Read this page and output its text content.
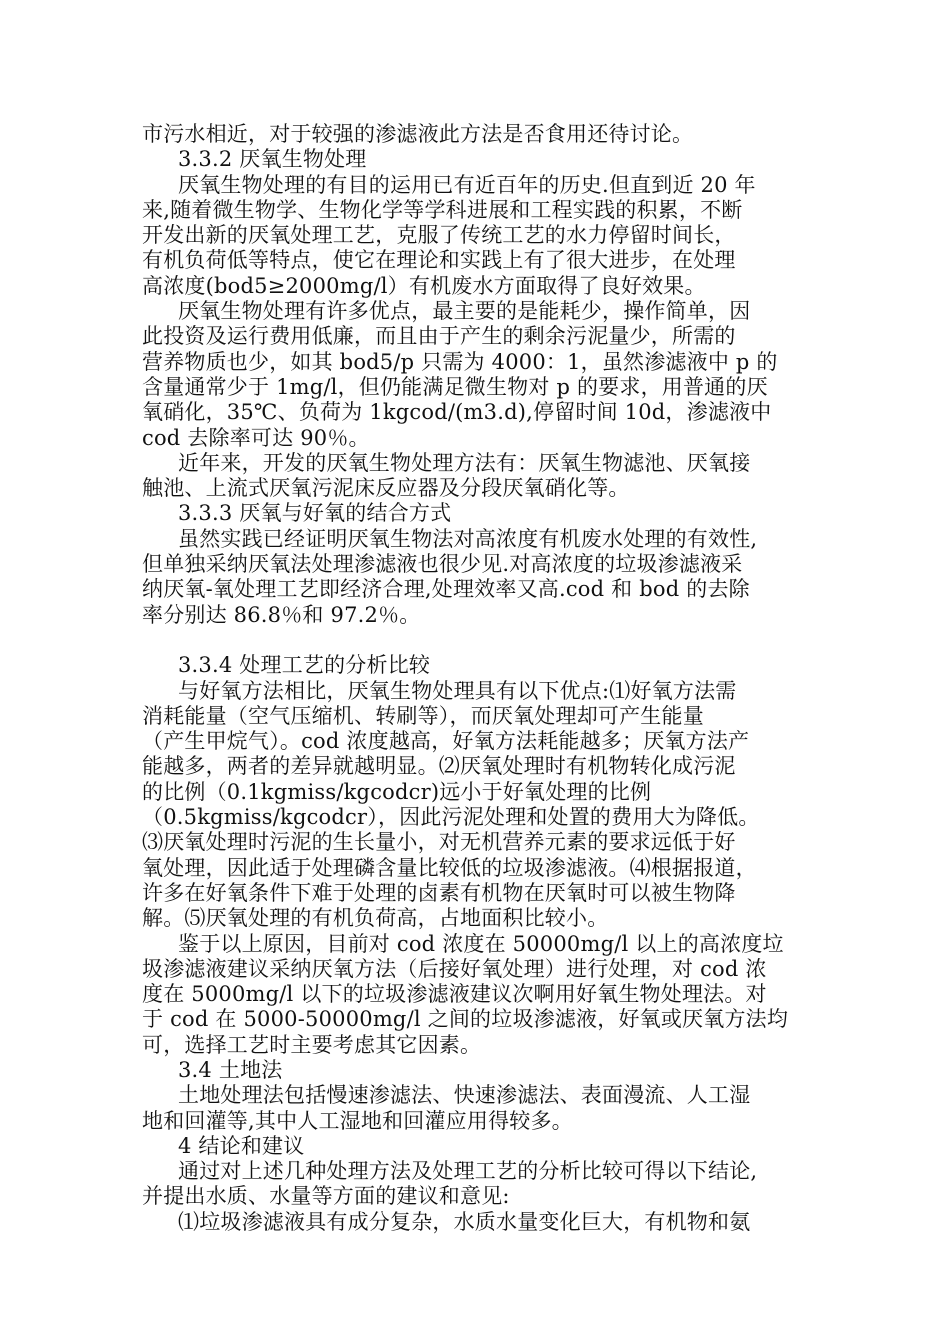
市污水相近，对于较强的渗滤液此方法是否食用还待讨论。
3.3.2 厌氧生物处理
厌氧生物处理的有目的运用已有近百年的历史.但直到近 20 年
来,随着微生物学、生物化学等学科进展和工程实践的积累，不断
开发出新的厌氧处理工艺，克服了传统工艺的水力停留时间长，
有机负荷低等特点，使它在理论和实践上有了很大进步，在处理
高浓度(bod5≥2000mg/l）有机废水方面取得了良好效果。
厌氧生物处理有许多优点，最主要的是能耗少，操作简单，因
此投资及运行费用低廉，而且由于产生的剩余污泥量少，所需的
营养物质也少，如其 bod5/p 只需为 4000：1，虽然渗滤液中 p 的
含量通常少于 1mg/l，但仍能满足微生物对 p 的要求，用普通的厌
氧硝化，35℃、负荷为 1kgcod/(m3.d),停留时间 10d，渗滤液中
cod 去除率可达 90％。
近年来，开发的厌氧生物处理方法有：厌氧生物滤池、厌氧接
触池、上流式厌氧污泥床反应器及分段厌氧硝化等。
3.3.3 厌氧与好氧的结合方式
虽然实践已经证明厌氧生物法对高浓度有机废水处理的有效性,
但单独采纳厌氧法处理渗滤液也很少见.对高浓度的垃圾渗滤液采
纳厌氧-氧处理工艺即经济合理,处理效率又高.cod 和 bod 的去除
率分别达 86.8％和 97.2％。
3.3.4 处理工艺的分析比较
与好氧方法相比，厌氧生物处理具有以下优点:⑴好氧方法需
消耗能量（空气压缩机、转刷等），而厌氧处理却可产生能量
（产生甲烷气）。cod 浓度越高，好氧方法耗能越多；厌氧方法产
能越多，两者的差异就越明显。⑵厌氧处理时有机物转化成污泥
的比例（0.1kgmiss/kgcodcr)远小于好氧处理的比例
（0.5kgmiss/kgcodcr），因此污泥处理和处置的费用大为降低。
⑶厌氧处理时污泥的生长量小，对无机营养元素的要求远低于好
氧处理，因此适于处理磷含量比较低的垃圾渗滤液。⑷根据报道，
许多在好氧条件下难于处理的卤素有机物在厌氧时可以被生物降
解。⑸厌氧处理的有机负荷高，占地面积比较小。
鉴于以上原因，目前对 cod 浓度在 50000mg/l 以上的高浓度垃
圾渗滤液建议采纳厌氧方法（后接好氧处理）进行处理，对 cod 浓
度在 5000mg/l 以下的垃圾渗滤液建议次啊用好氧生物处理法。对
于 cod 在 5000-50000mg/l 之间的垃圾渗滤液，好氧或厌氧方法均
可，选择工艺时主要考虑其它因素。
3.4 土地法
土地处理法包括慢速渗滤法、快速渗滤法、表面漫流、人工湿
地和回灌等,其中人工湿地和回灌应用得较多。
4 结论和建议
通过对上述几种处理方法及处理工艺的分析比较可得以下结论,
并提出水质、水量等方面的建议和意见:
⑴垃圾渗滤液具有成分复杂，水质水量变化巨大，有机物和氨
